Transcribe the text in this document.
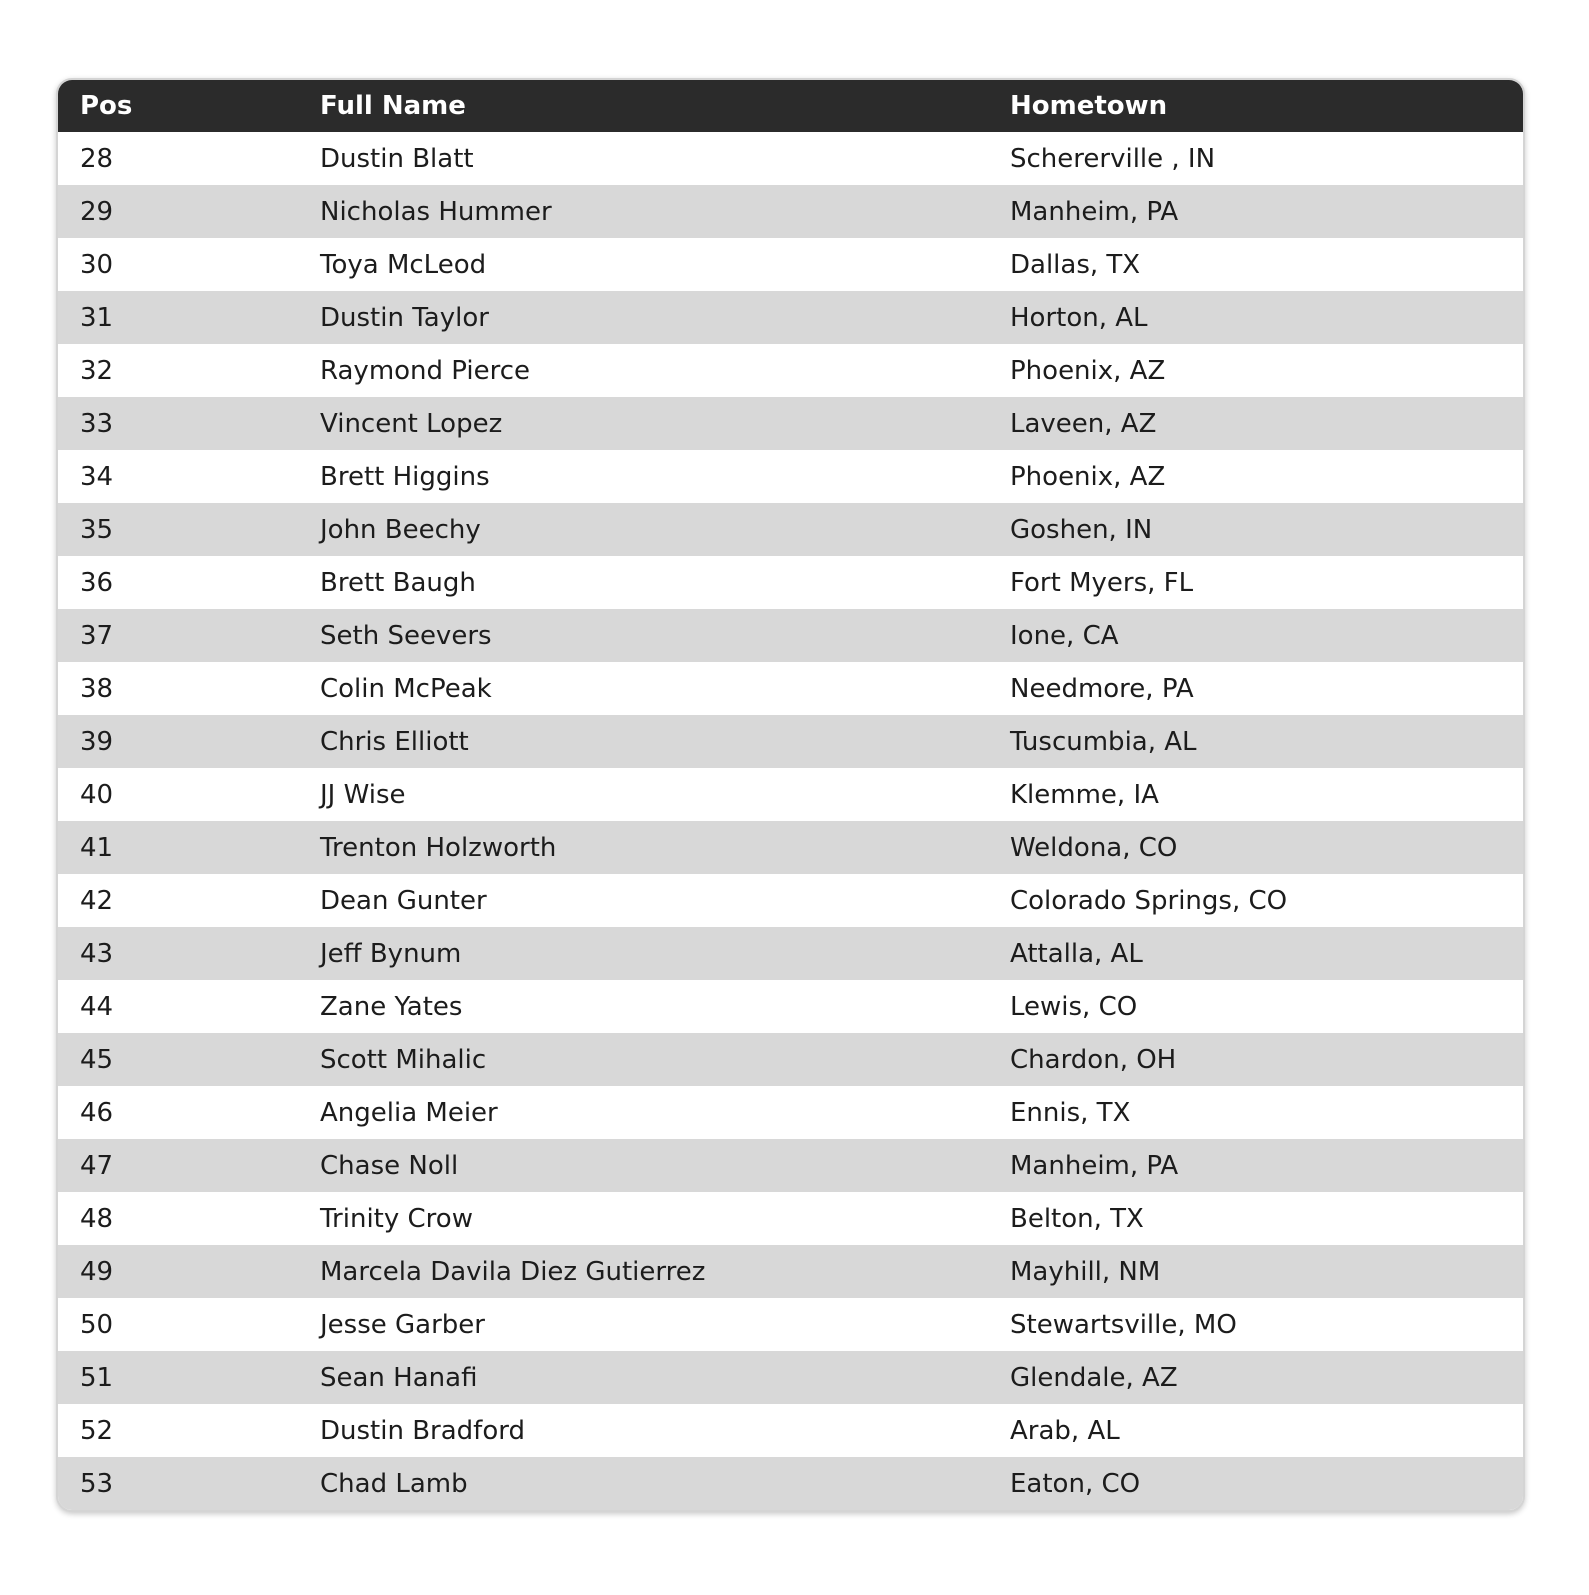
Pos	Full Name	Hometown
28	Dustin Blatt	Schererville , IN
29	Nicholas Hummer	Manheim, PA
30	Toya McLeod	Dallas, TX
31	Dustin Taylor	Horton, AL
32	Raymond Pierce	Phoenix, AZ
33	Vincent Lopez	Laveen, AZ
34	Brett Higgins	Phoenix, AZ
35	John Beechy	Goshen, IN
36	Brett Baugh	Fort Myers, FL
37	Seth Seevers	Ione, CA
38	Colin McPeak	Needmore, PA
39	Chris Elliott	Tuscumbia, AL
40	JJ Wise	Klemme, IA
41	Trenton Holzworth	Weldona, CO
42	Dean Gunter	Colorado Springs, CO
43	Jeff Bynum	Attalla, AL
44	Zane Yates	Lewis, CO
45	Scott Mihalic	Chardon, OH
46	Angelia Meier	Ennis, TX
47	Chase Noll	Manheim, PA
48	Trinity Crow	Belton, TX
49	Marcela Davila Diez Gutierrez	Mayhill, NM
50	Jesse Garber	Stewartsville, MO
51	Sean Hanafi	Glendale, AZ
52	Dustin Bradford	Arab, AL
53	Chad Lamb	Eaton, CO
